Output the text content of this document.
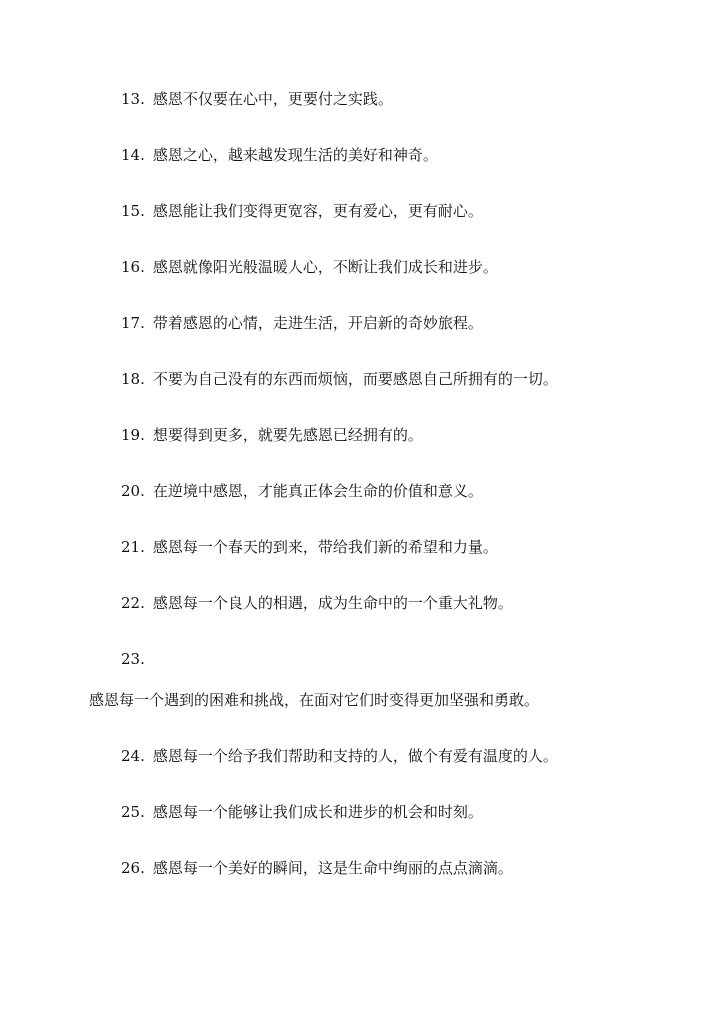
13. 感恩不仅要在心中，更要付之实践。
14. 感恩之心，越来越发现生活的美好和神奇。
15. 感恩能让我们变得更宽容，更有爱心，更有耐心。
16. 感恩就像阳光般温暖人心，不断让我们成长和进步。
17. 带着感恩的心情，走进生活，开启新的奇妙旅程。
18. 不要为自己没有的东西而烦恼，而要感恩自己所拥有的一切。
19. 想要得到更多，就要先感恩已经拥有的。
20. 在逆境中感恩，才能真正体会生命的价值和意义。
21. 感恩每一个春天的到来，带给我们新的希望和力量。
22. 感恩每一个良人的相遇，成为生命中的一个重大礼物。
23.
感恩每一个遇到的困难和挑战，在面对它们时变得更加坚强和勇敢。
24. 感恩每一个给予我们帮助和支持的人，做个有爱有温度的人。
25. 感恩每一个能够让我们成长和进步的机会和时刻。
26. 感恩每一个美好的瞬间，这是生命中绚丽的点点滴滴。
